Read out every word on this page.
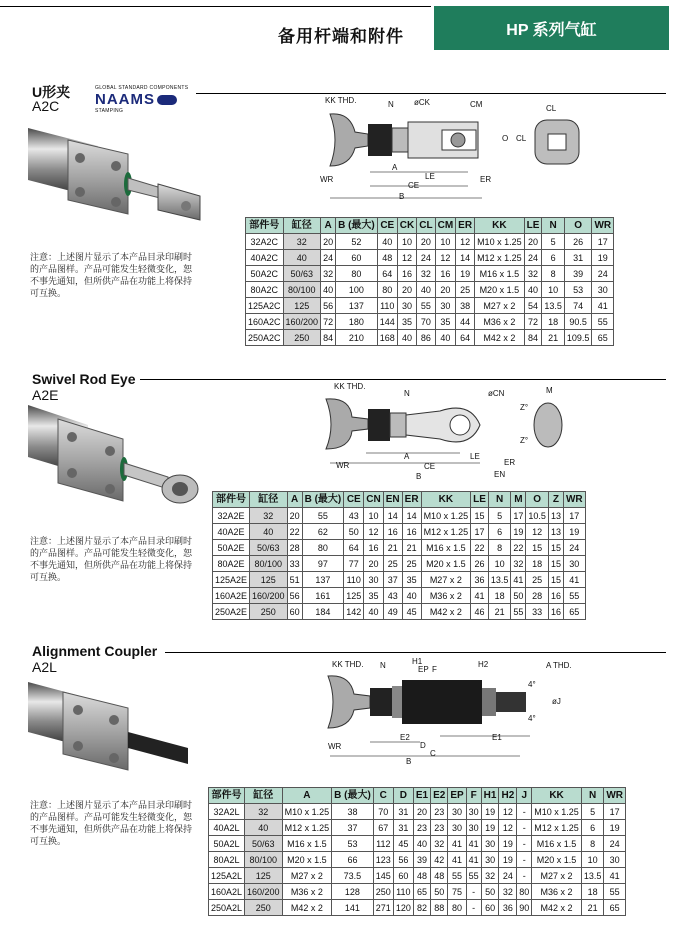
备用杆端和附件	HP 系列气缸
U形夹
A2C
GLOBAL STANDARD COMPONENTS
NAAMS
STAMPING
KK THD.	N	øCK	CM	CL
O CL
WR
A
LE	ER
CE
B
注意：上述图片显示了本产品目录印刷时的产品图样。产品可能发生轻微变化，恕不事先通知，但所供产品在功能上将保持可互换。
部件号	缸径	A	B (最大)	CE	CK	CL	CM	ER	KK	LE	N	O	WR
32A2C	32	20	52	40	10	20	10	12	M10 x 1.25	20	5	26	17
40A2C	40	24	60	48	12	24	12	14	M12 x 1.25	24	6	31	19
50A2C	50/63	32	80	64	16	32	16	19	M16 x 1.5	32	8	39	24
80A2C	80/100	40	100	80	20	40	20	25	M20 x 1.5	40	10	53	30
125A2C	125	56	137	110	30	55	30	38	M27 x 2	54	13.5	74	41
160A2C	160/200	72	180	144	35	70	35	44	M36 x 2	72	18	90.5	55
250A2C	250	84	210	168	40	86	40	64	M42 x 2	84	21	109.5	65
Swivel Rod Eye
A2E
KK THD.
N	øCN	M
Z°
Z°
WR
A	LE
ER
CE
EN
B
注意：上述图片显示了本产品目录印刷时的产品图样。产品可能发生轻微变化，恕不事先通知，但所供产品在功能上将保持可互换。
部件号	缸径	A	B (最大)	CE	CN	EN	ER	KK	LE	N	M	O	Z	WR
32A2E	32	20	55	43	10	14	14	M10 x 1.25	15	5	17	10.5	13	17
40A2E	40	22	62	50	12	16	16	M12 x 1.25	17	6	19	12	13	19
50A2E	50/63	28	80	64	16	21	21	M16 x 1.5	22	8	22	15	15	24
80A2E	80/100	33	97	77	20	25	25	M20 x 1.5	26	10	32	18	15	30
125A2E	125	51	137	110	30	37	35	M27 x 2	36	13.5	41	25	15	41
160A2E	160/200	56	161	125	35	43	40	M36 x 2	41	18	50	28	16	55
250A2E	250	60	184	142	40	49	45	M42 x 2	46	21	55	33	16	65
Alignment Coupler
A2L	KK THD. N	H1
EP F
H2	A THD.
4°
4°
øJ
WR
E2
D
E1
C
B
注意：上述图片显示了本产品目录印刷时的产品图样。产品可能发生轻微变化，恕不事先通知，但所供产品在功能上将保持可互换。
部件号	缸径	A	B (最大)	C	D	E1	E2	EP	F	H1	H2	J	KK	N	WR
32A2L	32	M10 x 1.25	38	70	31	20	23	30	30	19	12	-	M10 x 1.25	5	17
40A2L	40	M12 x 1.25	37	67	31	23	23	30	30	19	12	-	M12 x 1.25	6	19
50A2L	50/63	M16 x 1.5	53	112	45	40	32	41	41	30	19	-	M16 x 1.5	8	24
80A2L	80/100	M20 x 1.5	66	123	56	39	42	41	41	30	19	-	M20 x 1.5	10	30
125A2L	125	M27 x 2	73.5	145	60	48	48	55	55	32	24	-	M27 x 2	13.5	41
160A2L	160/200	M36 x 2	128	250	110	65	50	75	-	50	32	80	M36 x 2	18	55
250A2L	250	M42 x 2	141	271	120	82	88	80	-	60	36	90	M42 x 2	21	65
